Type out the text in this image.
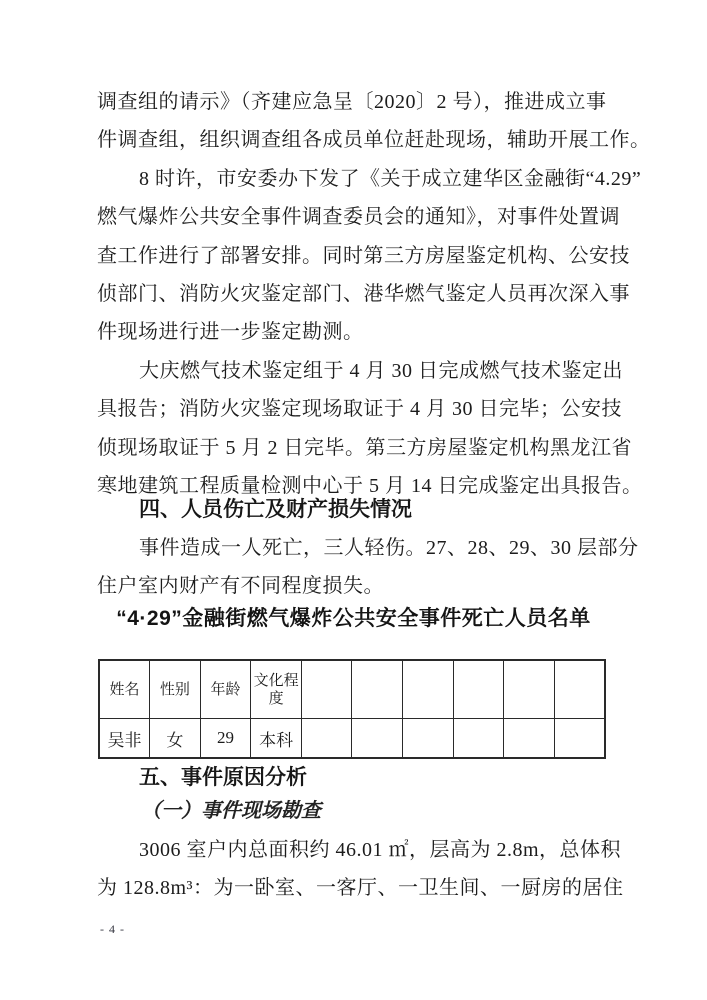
调查组的请示》（齐建应急呈〔2020〕2 号），推进成立事
件调查组，组织调查组各成员单位赶赴现场，辅助开展工作。
8 时许，市安委办下发了《关于成立建华区金融街“4.29”
燃气爆炸公共安全事件调查委员会的通知》，对事件处置调
查工作进行了部署安排。同时第三方房屋鉴定机构、公安技
侦部门、消防火灾鉴定部门、港华燃气鉴定人员再次深入事
件现场进行进一步鉴定勘测。
大庆燃气技术鉴定组于 4 月 30 日完成燃气技术鉴定出
具报告；消防火灾鉴定现场取证于 4 月 30 日完毕；公安技
侦现场取证于 5 月 2 日完毕。第三方房屋鉴定机构黑龙江省
寒地建筑工程质量检测中心于 5 月 14 日完成鉴定出具报告。
四、人员伤亡及财产损失情况
事件造成一人死亡，三人轻伤。27、28、29、30 层部分
住户室内财产有不同程度损失。
“4·29”金融街燃气爆炸公共安全事件死亡人员名单
姓名	性别	年龄	文化程度						
吴非	女	29	本科						
五、事件原因分析
（一）事件现场勘查
3006 室户内总面积约 46.01 ㎡，层高为 2.8m，总体积
为 128.8m³：为一卧室、一客厅、一卫生间、一厨房的居住
- 4 -
